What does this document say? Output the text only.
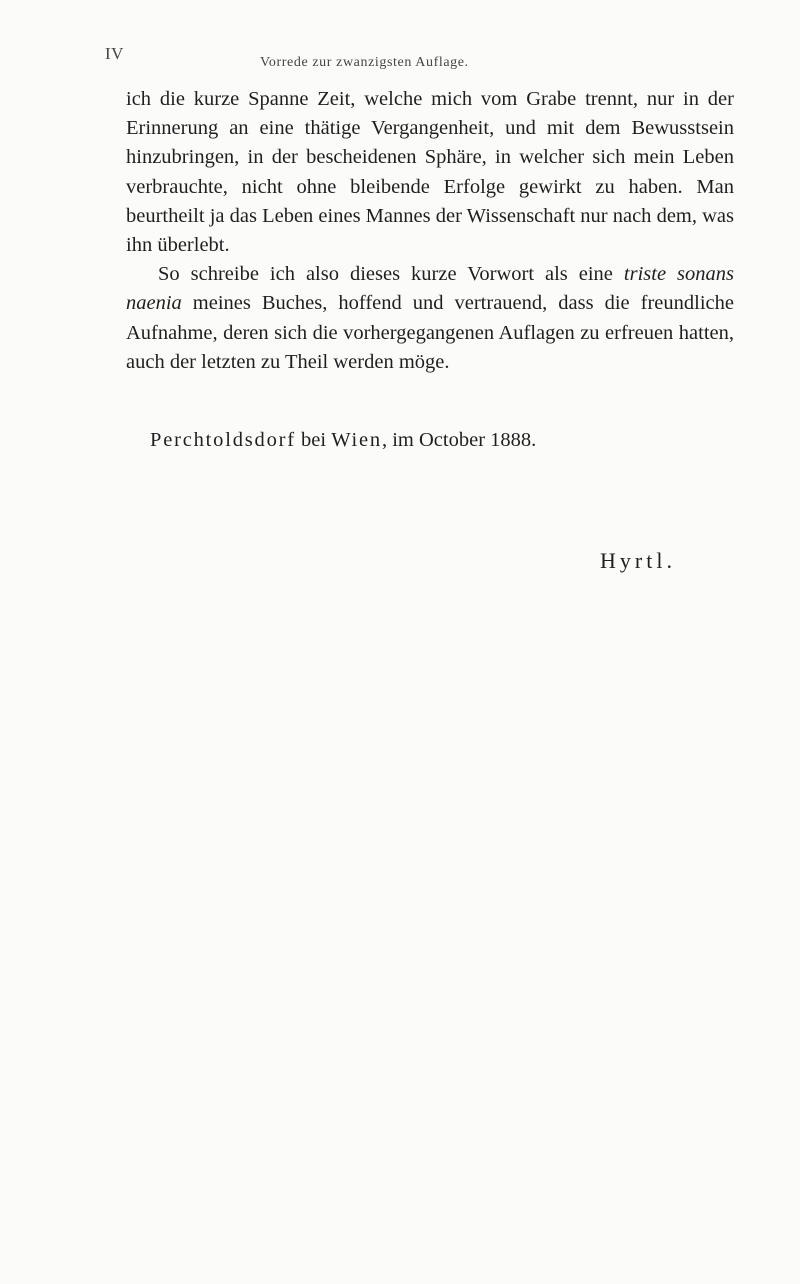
IV	Vorrede zur zwanzigsten Auflage.

ich die kurze Spanne Zeit, welche mich vom Grabe trennt, nur in der Erinnerung an eine thätige Vergangenheit, und mit dem Bewusstsein hinzubringen, in der bescheidenen Sphäre, in welcher sich mein Leben verbrauchte, nicht ohne bleibende Erfolge gewirkt zu haben. Man beurtheilt ja das Leben eines Mannes der Wissenschaft nur nach dem, was ihn überlebt.

So schreibe ich also dieses kurze Vorwort als eine triste sonans naenia meines Buches, hoffend und vertrauend, dass die freundliche Aufnahme, deren sich die vorhergegangenen Auflagen zu erfreuen hatten, auch der letzten zu Theil werden möge.

Perchtoldsdorf bei Wien, im October 1888.
Hyrtl.
